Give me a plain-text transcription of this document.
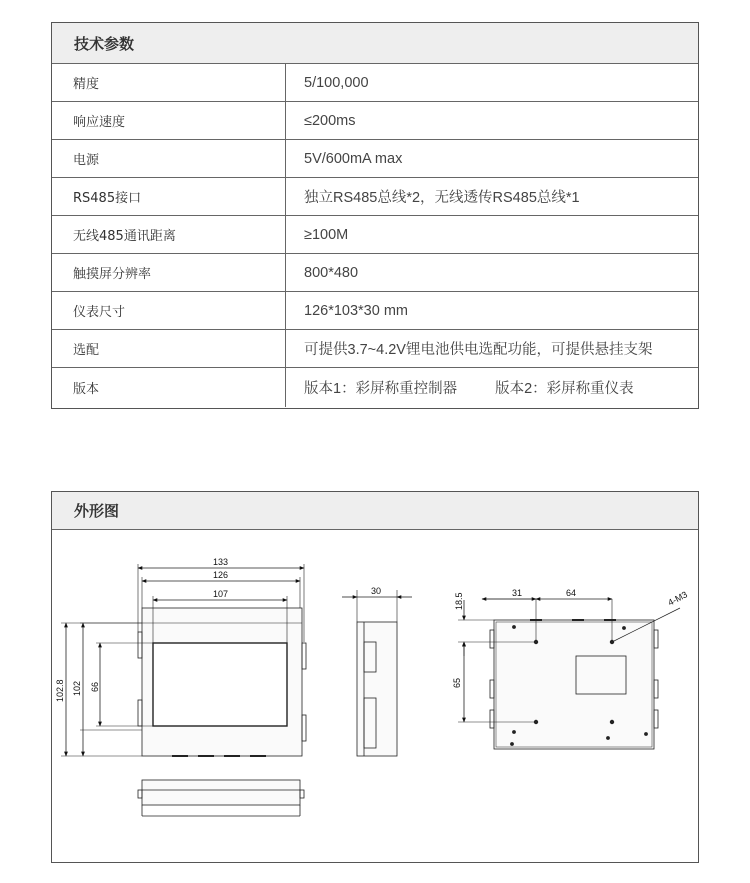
技术参数
精度	5/100,000
响应速度	≤200ms
电源	5V/600mA max
RS485接口	独立RS485总线*2，无线透传RS485总线*1
无线485通讯距离	≥100M
触摸屏分辨率	800*480
仪表尺寸	126*103*30 mm
选配	可提供3.7~4.2V锂电池供电选配功能，可提供悬挂支架
版本	版本1：彩屏称重控制器	版本2：彩屏称重仪表
外形图
133
126
107
102.8 102 66
30
18.5	31	64
65
4-M3
